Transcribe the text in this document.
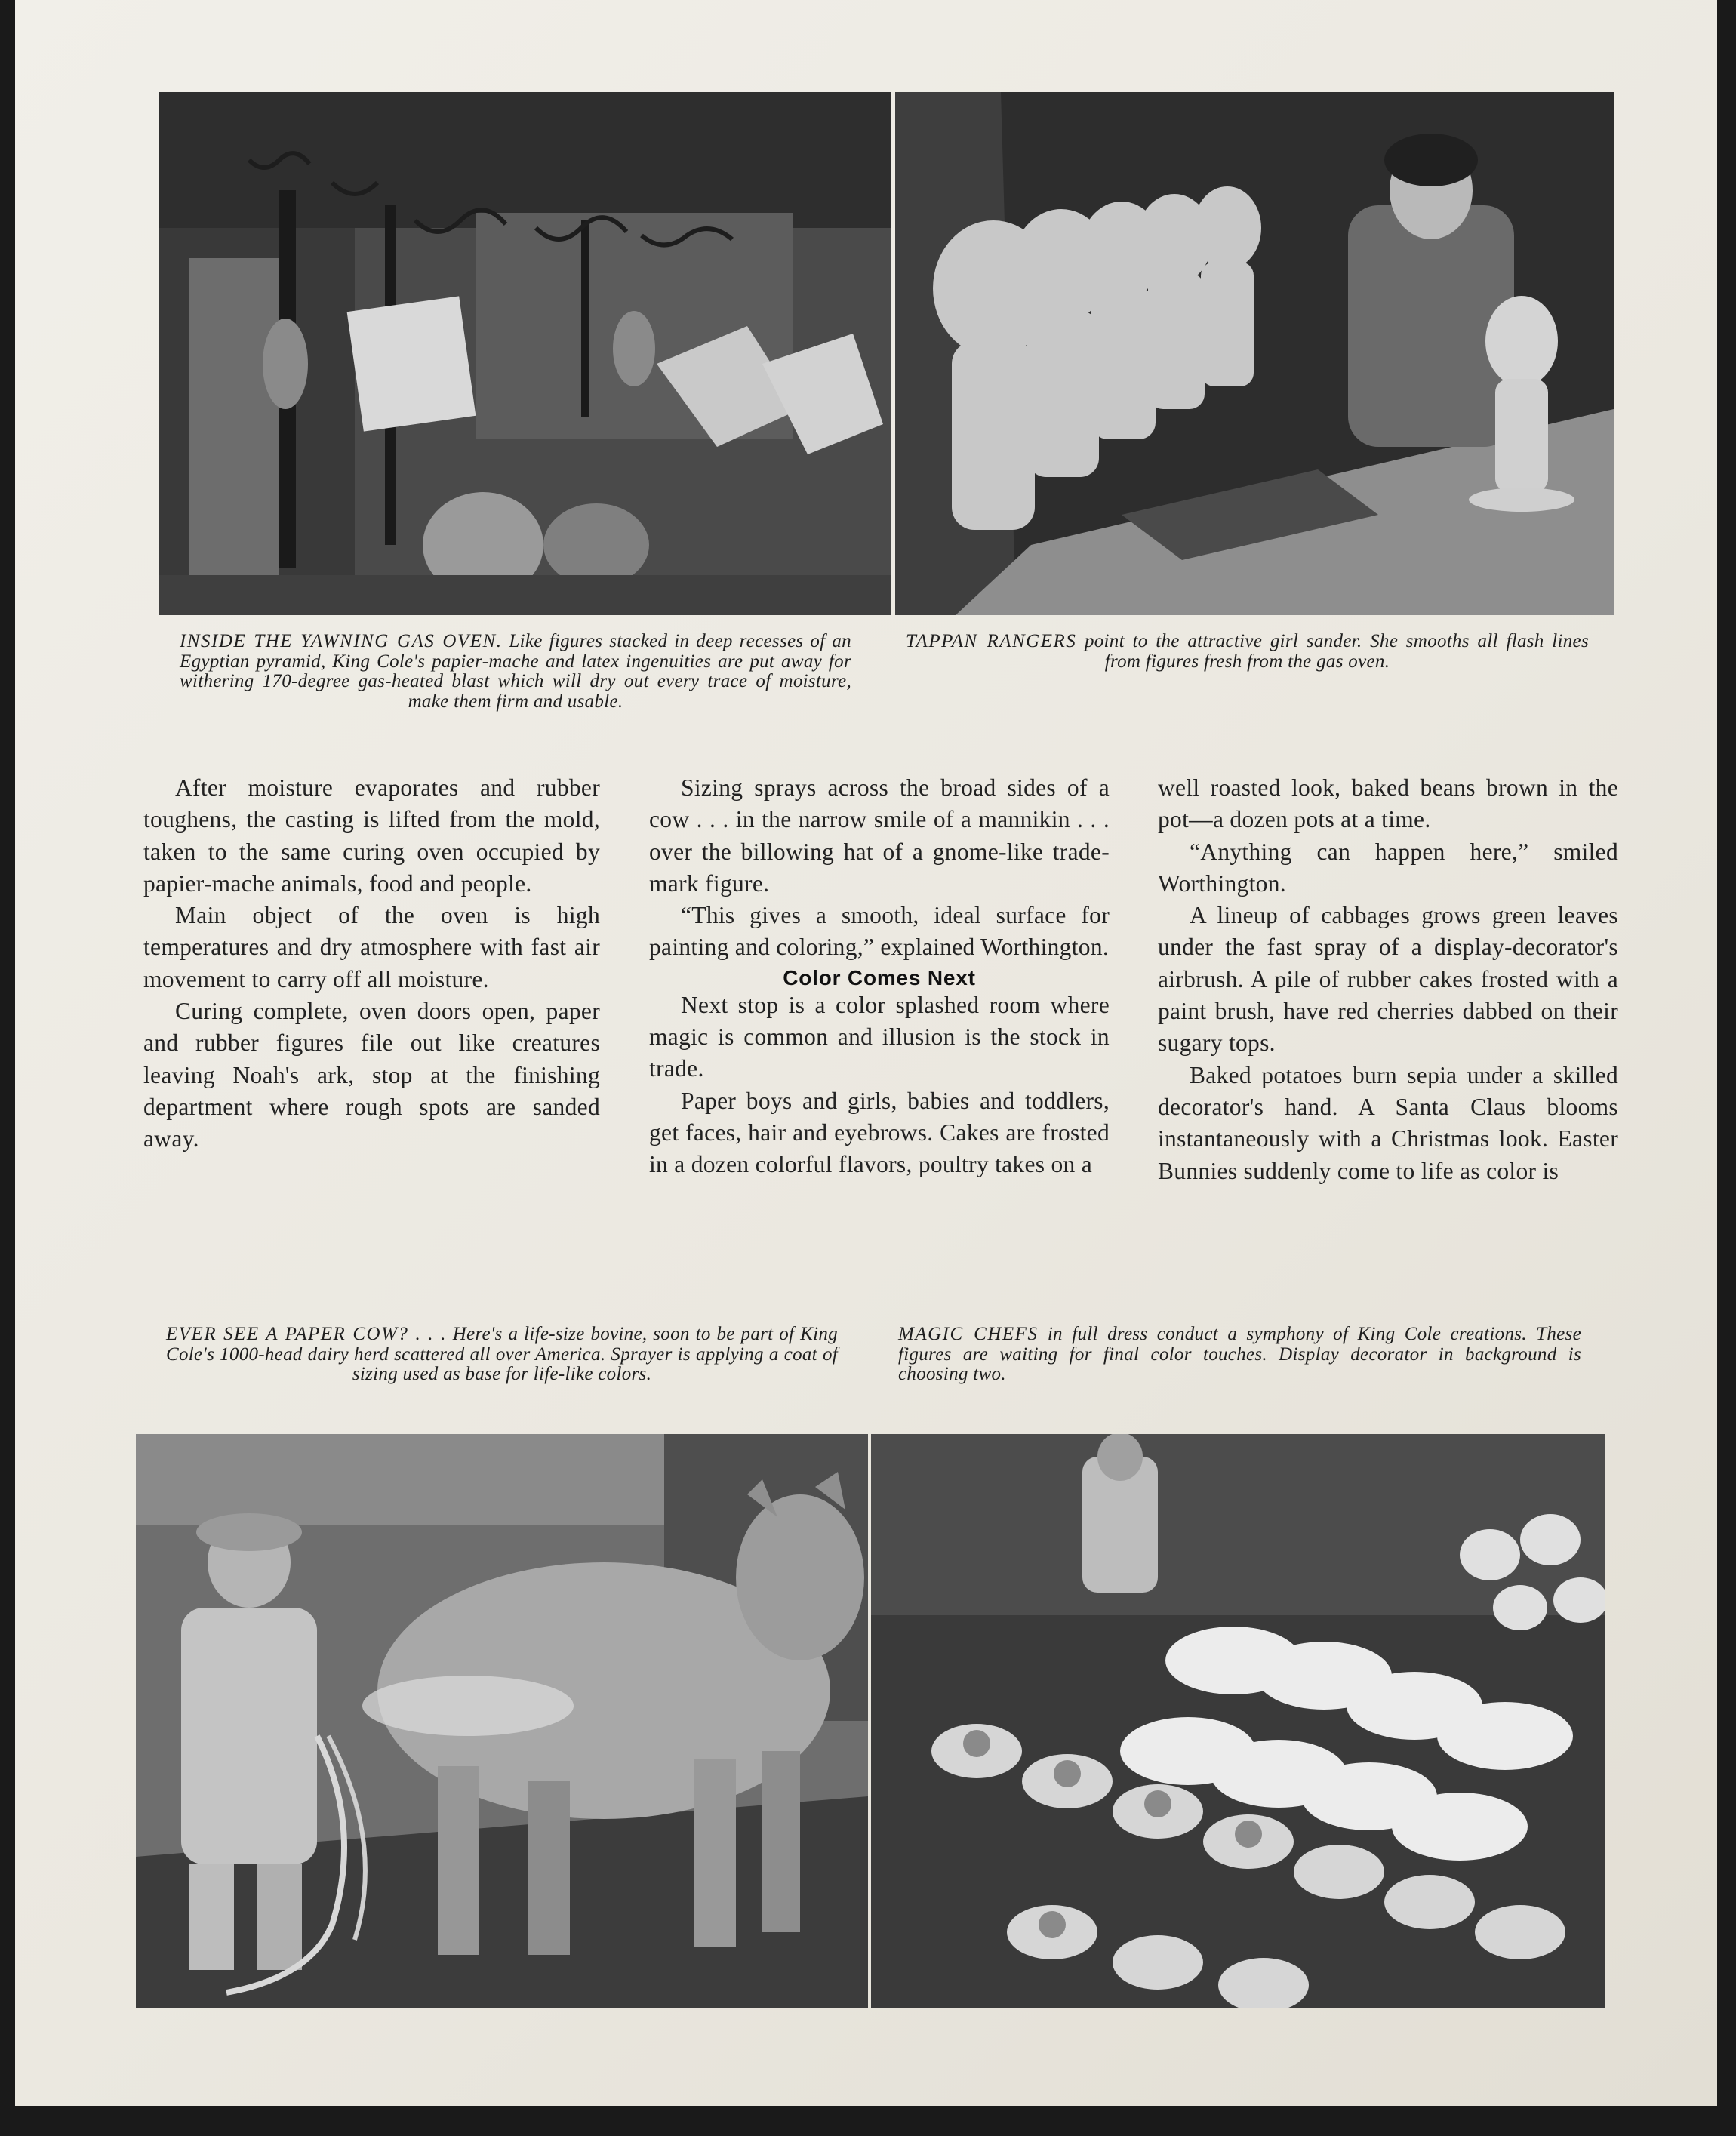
INSIDE THE YAWNING GAS OVEN. Like figures stacked in deep recesses of an Egyptian pyramid, King Cole's papier-mache and latex ingenuities are put away for withering 170-degree gas-heated blast which will dry out every trace of moisture, make them firm and usable.
TAPPAN RANGERS point to the attractive girl sander. She smooths all flash lines from figures fresh from the gas oven.

After moisture evaporates and rubber toughens, the casting is lifted from the mold, taken to the same curing oven occupied by papier-mache animals, food and people.

Main object of the oven is high temperatures and dry atmosphere with fast air movement to carry off all moisture.

Curing complete, oven doors open, paper and rubber figures file out like creatures leaving Noah's ark, stop at the finishing department where rough spots are sanded away.

Sizing sprays across the broad sides of a cow . . . in the narrow smile of a mannikin . . . over the billowing hat of a gnome-like trade-mark figure.

“This gives a smooth, ideal surface for painting and coloring,” explained Worthington.

Color Comes Next

Next stop is a color splashed room where magic is common and illusion is the stock in trade.

Paper boys and girls, babies and toddlers, get faces, hair and eyebrows. Cakes are frosted in a dozen colorful flavors, poultry takes on a

well roasted look, baked beans brown in the pot—a dozen pots at a time.

“Anything can happen here,” smiled Worthington.

A lineup of cabbages grows green leaves under the fast spray of a display-decorator's airbrush. A pile of rubber cakes frosted with a paint brush, have red cherries dabbed on their sugary tops.

Baked potatoes burn sepia under a skilled decorator's hand. A Santa Claus blooms instantaneously with a Christmas look. Easter Bunnies suddenly come to life as color is

EVER SEE A PAPER COW? . . . Here's a life-size bovine, soon to be part of King Cole's 1000-head dairy herd scattered all over America. Sprayer is applying a coat of sizing used as base for life-like colors.
MAGIC CHEFS in full dress conduct a symphony of King Cole creations. These figures are waiting for final color touches. Display decorator in background is choosing two.
